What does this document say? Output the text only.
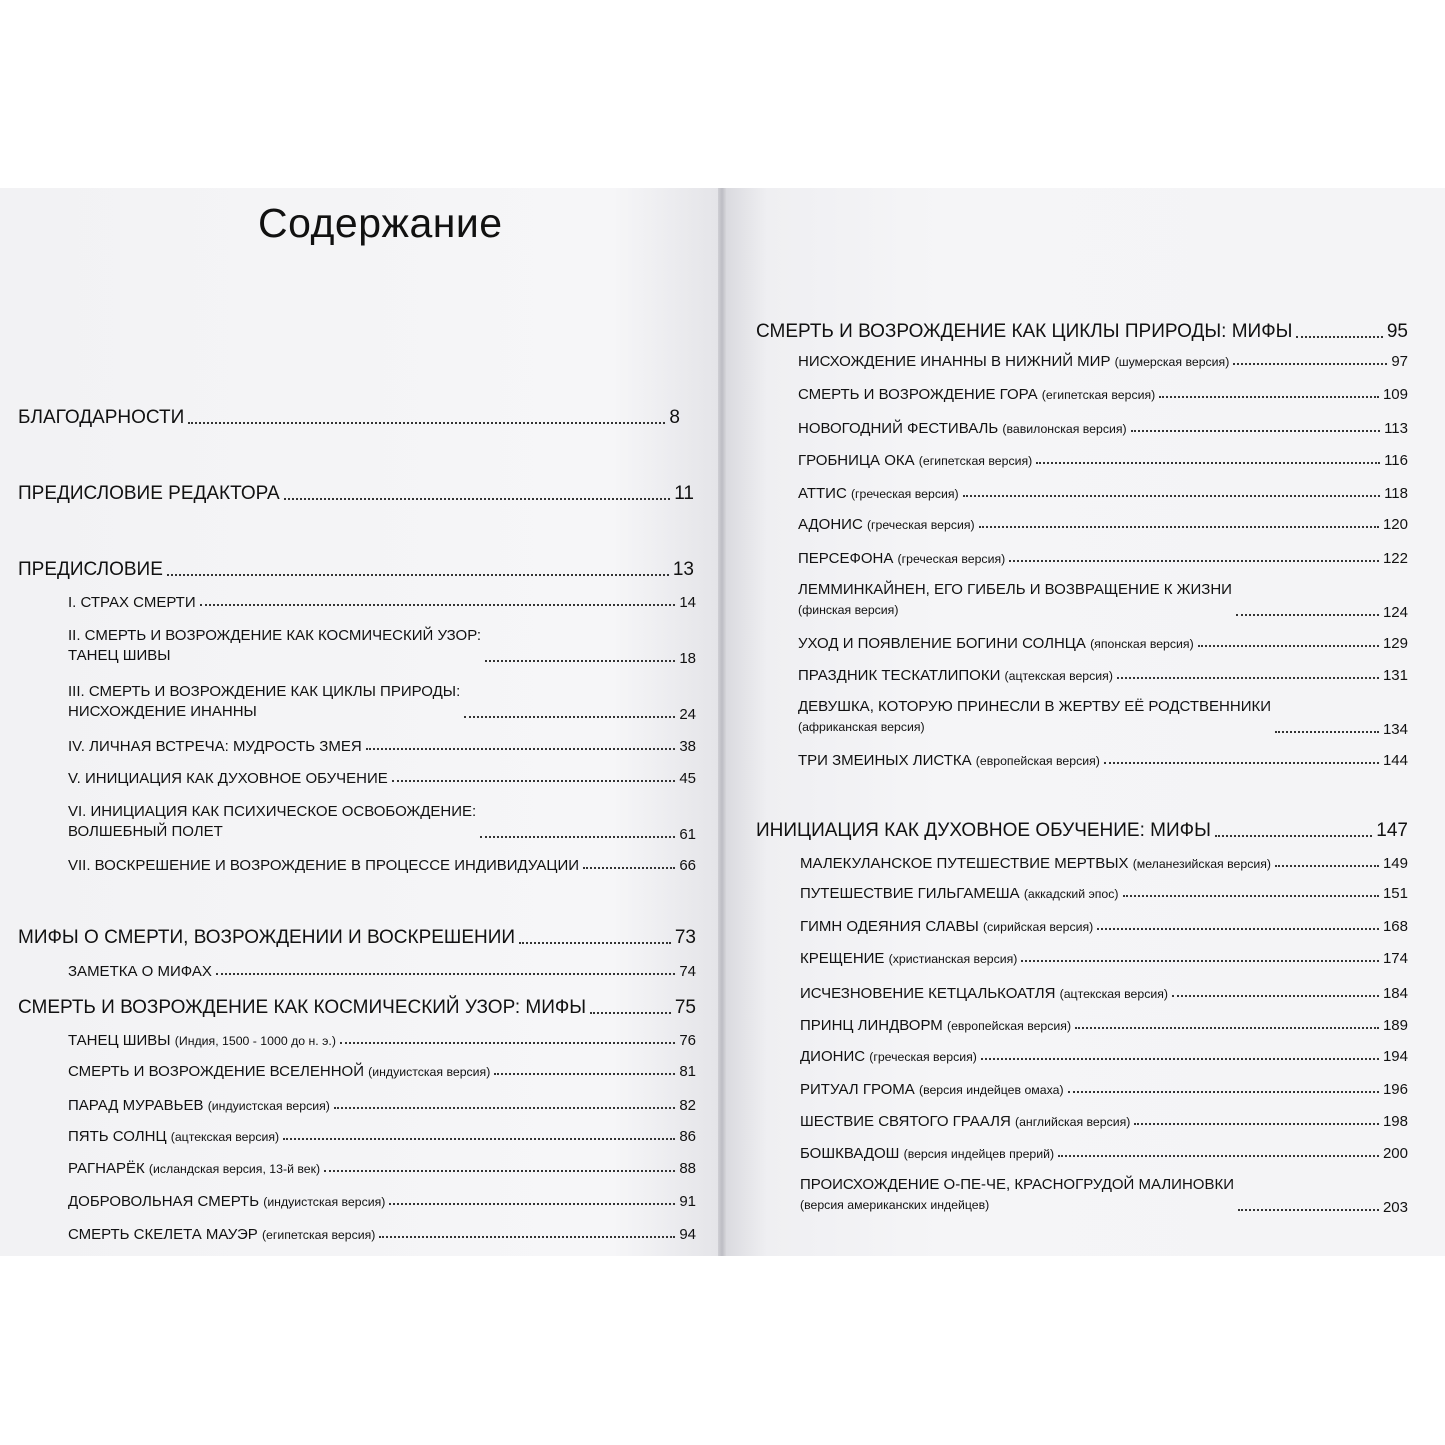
Содержание
БЛАГОДАРНОСТИ	8
ПРЕДИСЛОВИЕ РЕДАКТОРА	11
ПРЕДИСЛОВИЕ	13
I. СТРАХ СМЕРТИ	14
II. СМЕРТЬ И ВОЗРОЖДЕНИЕ КАК КОСМИЧЕСКИЙ УЗОР:
ТАНЕЦ ШИВЫ	18
III. СМЕРТЬ И ВОЗРОЖДЕНИЕ КАК ЦИКЛЫ ПРИРОДЫ:
НИСХОЖДЕНИЕ ИНАННЫ	24
IV. ЛИЧНАЯ ВСТРЕЧА: МУДРОСТЬ ЗМЕЯ	38
V. ИНИЦИАЦИЯ КАК ДУХОВНОЕ ОБУЧЕНИЕ	45
VI. ИНИЦИАЦИЯ КАК ПСИХИЧЕСКОЕ ОСВОБОЖДЕНИЕ:
ВОЛШЕБНЫЙ ПОЛЕТ	61
VII. ВОСКРЕШЕНИЕ И ВОЗРОЖДЕНИЕ В ПРОЦЕССЕ ИНДИВИДУАЦИИ	66
МИФЫ О СМЕРТИ, ВОЗРОЖДЕНИИ И ВОСКРЕШЕНИИ	73
ЗАМЕТКА О МИФАХ	74
СМЕРТЬ И ВОЗРОЖДЕНИЕ КАК КОСМИЧЕСКИЙ УЗОР: МИФЫ	75
ТАНЕЦ ШИВЫ (Индия, 1500 - 1000 до н. э.)	76
СМЕРТЬ И ВОЗРОЖДЕНИЕ ВСЕЛЕННОЙ (индуистская версия)	81
ПАРАД МУРАВЬЕВ (индуистская версия)	82
ПЯТЬ СОЛНЦ (ацтекская версия)	86
РАГНАРЁК (исландская версия, 13-й век)	88
ДОБРОВОЛЬНАЯ СМЕРТЬ (индуистская версия)	91
СМЕРТЬ СКЕЛЕТА МАУЭР (египетская версия)	94
СМЕРТЬ И ВОЗРОЖДЕНИЕ КАК ЦИКЛЫ ПРИРОДЫ: МИФЫ	95
НИСХОЖДЕНИЕ ИНАННЫ В НИЖНИЙ МИР (шумерская версия)	97
СМЕРТЬ И ВОЗРОЖДЕНИЕ ГОРА (египетская версия)	109
НОВОГОДНИЙ ФЕСТИВАЛЬ (вавилонская версия)	113
ГРОБНИЦА ОКА (египетская версия)	116
АТТИС (греческая версия)	118
АДОНИС (греческая версия)	120
ПЕРСЕФОНА (греческая версия)	122
ЛЕММИНКАЙНЕН, ЕГО ГИБЕЛЬ И ВОЗВРАЩЕНИЕ К ЖИЗНИ
(финская версия)	124
УХОД И ПОЯВЛЕНИЕ БОГИНИ СОЛНЦА (японская версия)	129
ПРАЗДНИК ТЕСКАТЛИПОКИ (ацтекская версия)	131
ДЕВУШКА, КОТОРУЮ ПРИНЕСЛИ В ЖЕРТВУ ЕЁ РОДСТВЕННИКИ
(африканская версия)	134
ТРИ ЗМЕИНЫХ ЛИСТКА (европейская версия)	144
ИНИЦИАЦИЯ КАК ДУХОВНОЕ ОБУЧЕНИЕ: МИФЫ	147
МАЛЕКУЛАНСКОЕ ПУТЕШЕСТВИЕ МЕРТВЫХ (меланезийская версия)	149
ПУТЕШЕСТВИЕ ГИЛЬГАМЕША (аккадский эпос)	151
ГИМН ОДЕЯНИЯ СЛАВЫ (сирийская версия)	168
КРЕЩЕНИЕ (христианская версия)	174
ИСЧЕЗНОВЕНИЕ КЕТЦАЛЬКОАТЛЯ (ацтекская версия)	184
ПРИНЦ ЛИНДВОРМ (европейская версия)	189
ДИОНИС (греческая версия)	194
РИТУАЛ ГРОМА (версия индейцев омаха)	196
ШЕСТВИЕ СВЯТОГО ГРААЛЯ (английская версия)	198
БОШКВАДОШ (версия индейцев прерий)	200
ПРОИСХОЖДЕНИЕ О-ПЕ-ЧЕ, КРАСНОГРУДОЙ МАЛИНОВКИ
(версия американских индейцев)	203
